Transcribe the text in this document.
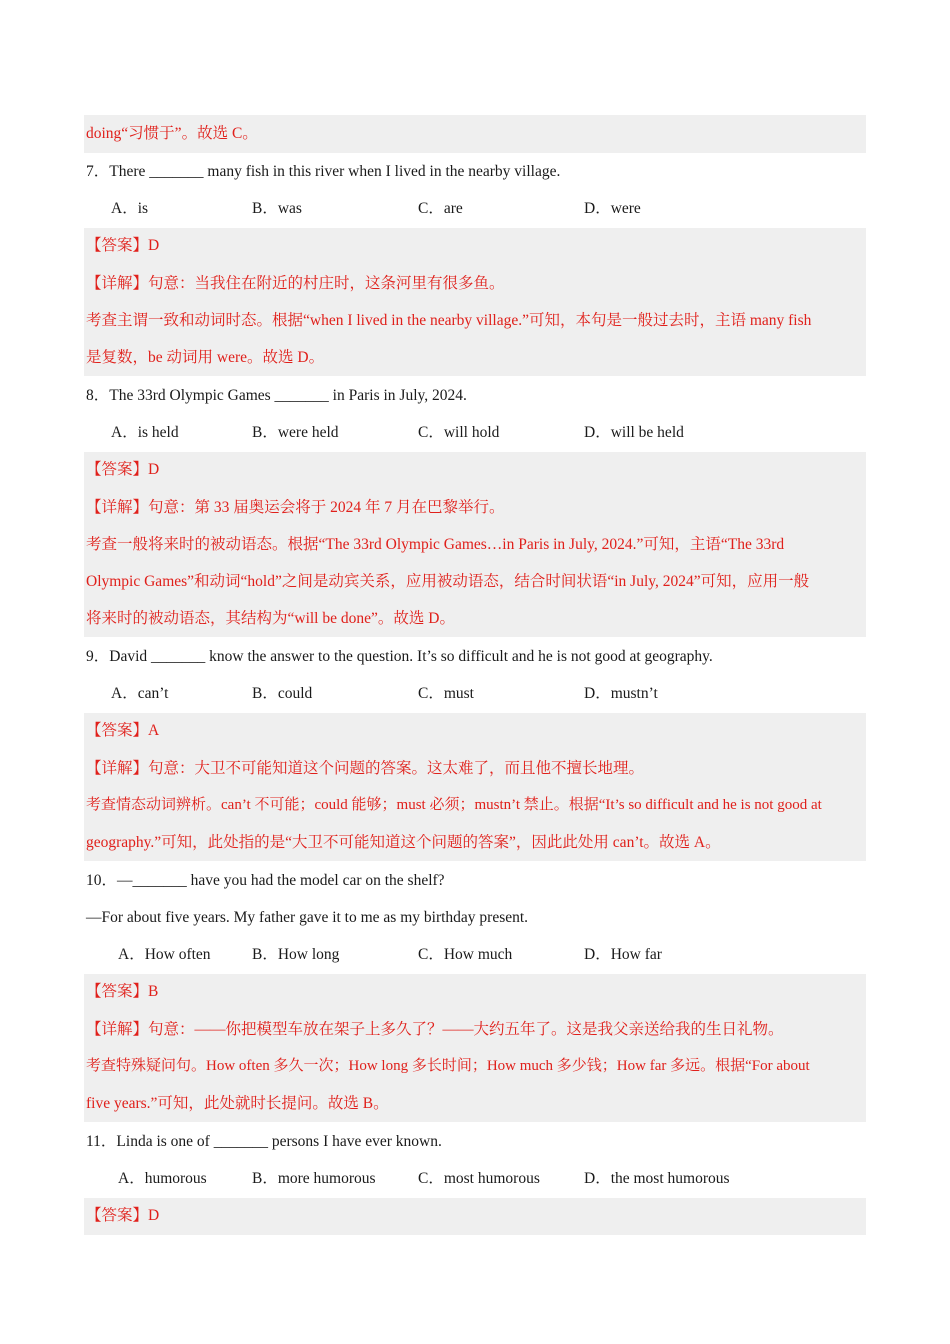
doing“习惯于”。故选 C。
7．There _______ many fish in this river when I lived in the nearby village.
A．is	B．was	C．are	D．were
【答案】D
【详解】句意：当我住在附近的村庄时，这条河里有很多鱼。
考查主谓一致和动词时态。根据“when I lived in the nearby village.”可知，本句是一般过去时，主语 many fish
是复数，be 动词用 were。故选 D。
8．The 33rd Olympic Games _______ in Paris in July, 2024.
A．is held	B．were held	C．will hold	D．will be held
【答案】D
【详解】句意：第 33 届奥运会将于 2024 年 7 月在巴黎举行。
考查一般将来时的被动语态。根据“The 33rd Olympic Games…in Paris in July, 2024.”可知，主语“The 33rd
Olympic Games”和动词“hold”之间是动宾关系，应用被动语态，结合时间状语“in July, 2024”可知，应用一般
将来时的被动语态，其结构为“will be done”。故选 D。
9．David _______ know the answer to the question. It’s so difficult and he is not good at geography.
A．can’t	B．could	C．must	D．mustn’t
【答案】A
【详解】句意：大卫不可能知道这个问题的答案。这太难了，而且他不擅长地理。
考查情态动词辨析。can’t 不可能；could 能够；must 必须；mustn’t 禁止。根据“It’s so difficult and he is not good at
geography.”可知，此处指的是“大卫不可能知道这个问题的答案”，因此此处用 can’t。故选 A。
10．—_______ have you had the model car on the shelf?
—For about five years. My father gave it to me as my birthday present.
A．How often	B．How long	C．How much	D．How far
【答案】B
【详解】句意：——你把模型车放在架子上多久了？——大约五年了。这是我父亲送给我的生日礼物。
考查特殊疑问句。How often 多久一次；How long 多长时间；How much 多少钱；How far 多远。根据“For about
five years.”可知，此处就时长提问。故选 B。
11．Linda is one of _______ persons I have ever known.
A．humorous	B．more humorous	C．most humorous	D．the most humorous
【答案】D
